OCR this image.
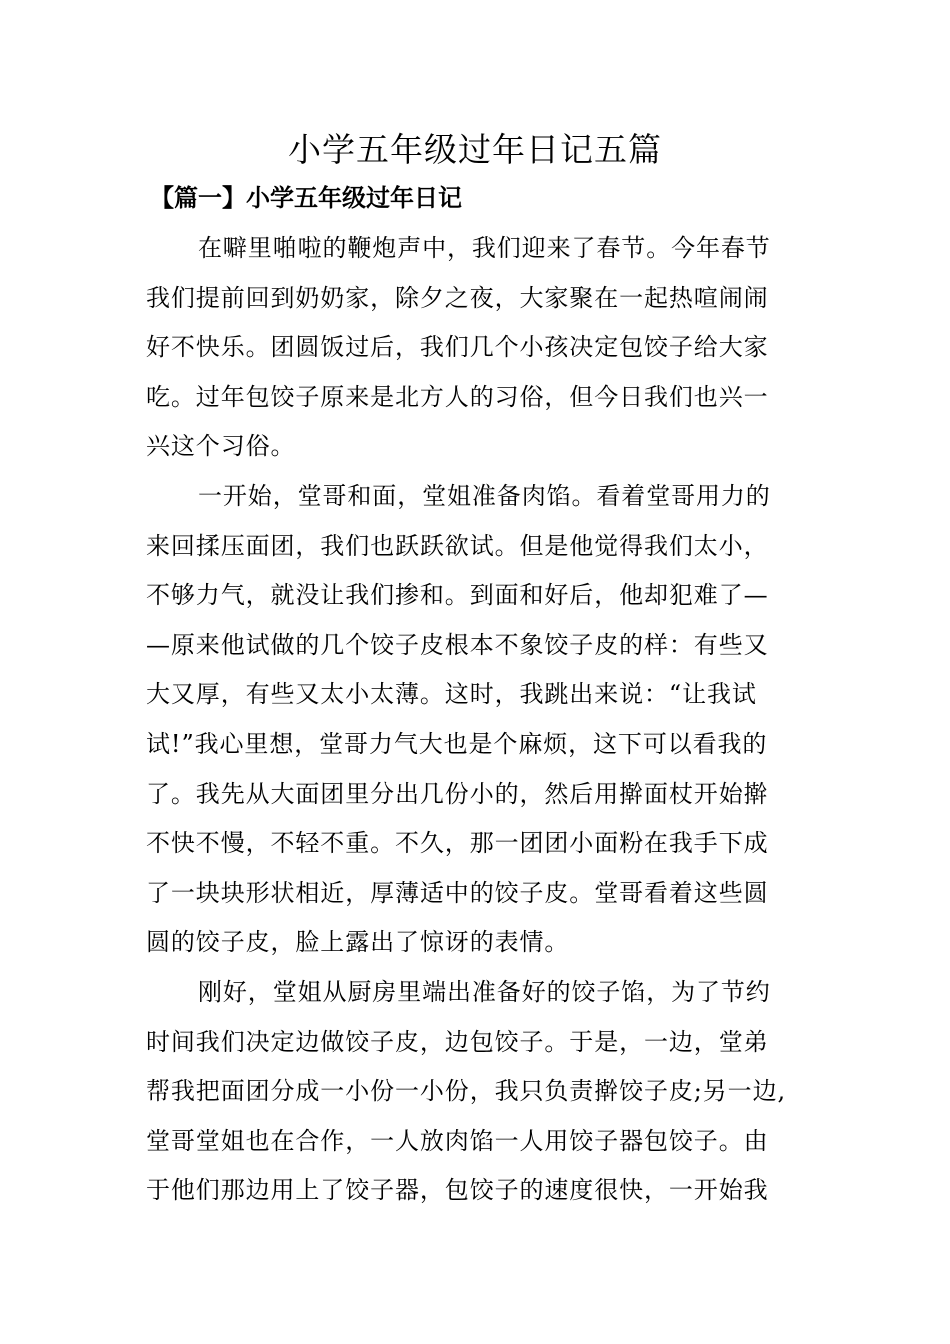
小学五年级过年日记五篇
【篇一】小学五年级过年日记
在噼里啪啦的鞭炮声中，我们迎来了春节。今年春节
我们提前回到奶奶家，除夕之夜，大家聚在一起热喧闹闹
好不快乐。团圆饭过后，我们几个小孩决定包饺子给大家
吃。过年包饺子原来是北方人的习俗，但今日我们也兴一
兴这个习俗。
一开始，堂哥和面，堂姐准备肉馅。看着堂哥用力的
来回揉压面团，我们也跃跃欲试。但是他觉得我们太小，
不够力气，就没让我们掺和。到面和好后，他却犯难了—
—原来他试做的几个饺子皮根本不象饺子皮的样：有些又
大又厚，有些又太小太薄。这时，我跳出来说：“让我试
试!”我心里想，堂哥力气大也是个麻烦，这下可以看我的
了。我先从大面团里分出几份小的，然后用擀面杖开始擀
不快不慢，不轻不重。不久，那一团团小面粉在我手下成
了一块块形状相近，厚薄适中的饺子皮。堂哥看着这些圆
圆的饺子皮，脸上露出了惊讶的表情。
刚好，堂姐从厨房里端出准备好的饺子馅，为了节约
时间我们决定边做饺子皮，边包饺子。于是，一边，堂弟
帮我把面团分成一小份一小份，我只负责擀饺子皮;另一边,
堂哥堂姐也在合作，一人放肉馅一人用饺子器包饺子。由
于他们那边用上了饺子器，包饺子的速度很快，一开始我
